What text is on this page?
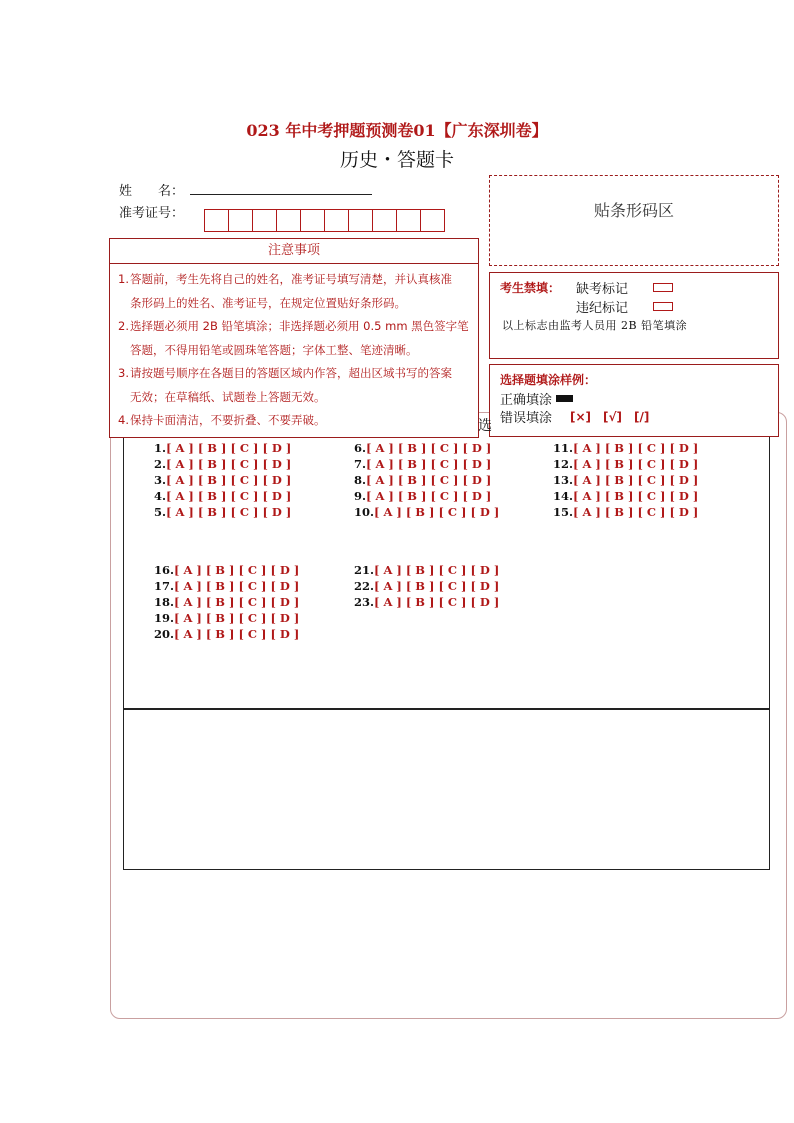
023 年中考押题预测卷01【广东深圳卷】
历史・答题卡
姓　　名：
准考证号：	贴条形码区
注意事项
1. 答题前，考生先将自己的姓名，准考证号填写清楚，并认真核准

条形码上的姓名、准考证号，在规定位置贴好条形码。

2. 选择题必须用 2B 铅笔填涂；非选择题必须用 0.5 mm 黑色签字笔

答题，不得用铅笔或圆珠笔答题；字体工整、笔迹清晰。

3. 请按题号顺序在各题目的答题区域内作答，超出区域书写的答案

无效；在草稿纸、试题卷上答题无效。

4. 保持卡面清洁，不要折叠、不要弄破。

考生禁填： 缺考标记
违纪标记
以上标志由监考人员用 2B 铅笔填涂
选择题填涂样例：
正确填涂
错误填涂 [×]　[√]　[/]
选
1.[ A ] [ B ] [ C ] [ D ]
2.[ A ] [ B ] [ C ] [ D ]
3.[ A ] [ B ] [ C ] [ D ]
4.[ A ] [ B ] [ C ] [ D ]
5.[ A ] [ B ] [ C ] [ D ]
6.[ A ] [ B ] [ C ] [ D ]
7.[ A ] [ B ] [ C ] [ D ]
8.[ A ] [ B ] [ C ] [ D ]
9.[ A ] [ B ] [ C ] [ D ]
10.[ A ] [ B ] [ C ] [ D ]
11.[ A ] [ B ] [ C ] [ D ]
12.[ A ] [ B ] [ C ] [ D ]
13.[ A ] [ B ] [ C ] [ D ]
14.[ A ] [ B ] [ C ] [ D ]
15.[ A ] [ B ] [ C ] [ D ]
16.[ A ] [ B ] [ C ] [ D ]
17.[ A ] [ B ] [ C ] [ D ]
18.[ A ] [ B ] [ C ] [ D ]
19.[ A ] [ B ] [ C ] [ D ]
20.[ A ] [ B ] [ C ] [ D ]
21.[ A ] [ B ] [ C ] [ D ]
22.[ A ] [ B ] [ C ] [ D ]
23.[ A ] [ B ] [ C ] [ D ]
